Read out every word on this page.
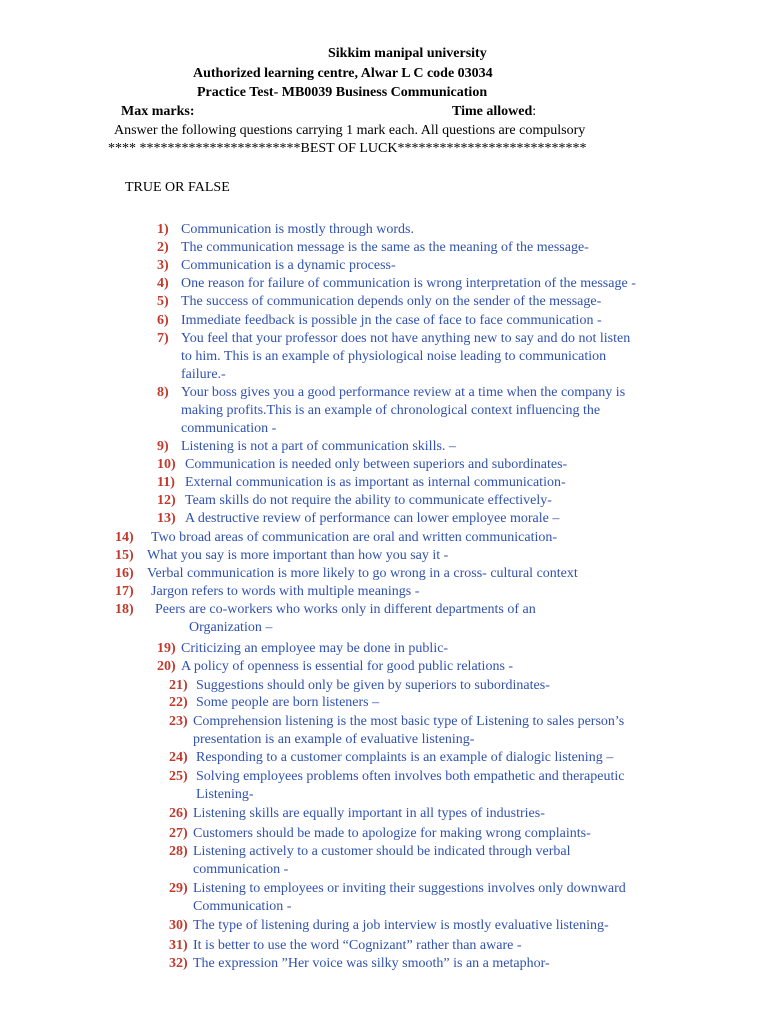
Sikkim manipal university
Authorized learning centre, Alwar L C code 03034
Practice Test- MB0039 Business Communication
Max marks:	Time allowed:
Answer the following questions carrying 1 mark each. All questions are compulsory
**** ***********************BEST OF LUCK***************************
TRUE OR FALSE
1) Communication is mostly through words.
2) The communication message is the same as the meaning of the message-
3) Communication is a dynamic process-
4) One reason for failure of communication is wrong interpretation of the message -
5) The success of communication depends only on the sender of the message-
6) Immediate feedback is possible jn the case of face to face communication -
7) You feel that your professor does not have anything new to say and do not listen
to him. This is an example of physiological noise leading to communication
failure.-
8) Your boss gives you a good performance review at a time when the company is
making profits.This is an example of chronological context influencing the
communication -
9) Listening is not a part of communication skills. –
10) Communication is needed only between superiors and subordinates-
11) External communication is as important as internal communication-
12) Team skills do not require the ability to communicate effectively-
13) A destructive review of performance can lower employee morale –
14) Two broad areas of communication are oral and written communication-
15) What you say is more important than how you say it -
16) Verbal communication is more likely to go wrong in a cross- cultural context
17) Jargon refers to words with multiple meanings -
18) Peers are co-workers who works only in different departments of an
Organization –
19) Criticizing an employee may be done in public-
20) A policy of openness is essential for good public relations -
21) Suggestions should only be given by superiors to subordinates-
22) Some people are born listeners –
23) Comprehension listening is the most basic type of Listening to sales person’s
presentation is an example of evaluative listening-
24) Responding to a customer complaints is an example of dialogic listening –
25) Solving employees problems often involves both empathetic and therapeutic
Listening-
26) Listening skills are equally important in all types of industries-
27) Customers should be made to apologize for making wrong complaints-
28) Listening actively to a customer should be indicated through verbal
communication -
29) Listening to employees or inviting their suggestions involves only downward
Communication -
30) The type of listening during a job interview is mostly evaluative listening-
31) It is better to use the word “Cognizant” rather than aware -
32) The expression ”Her voice was silky smooth” is an a metaphor-
